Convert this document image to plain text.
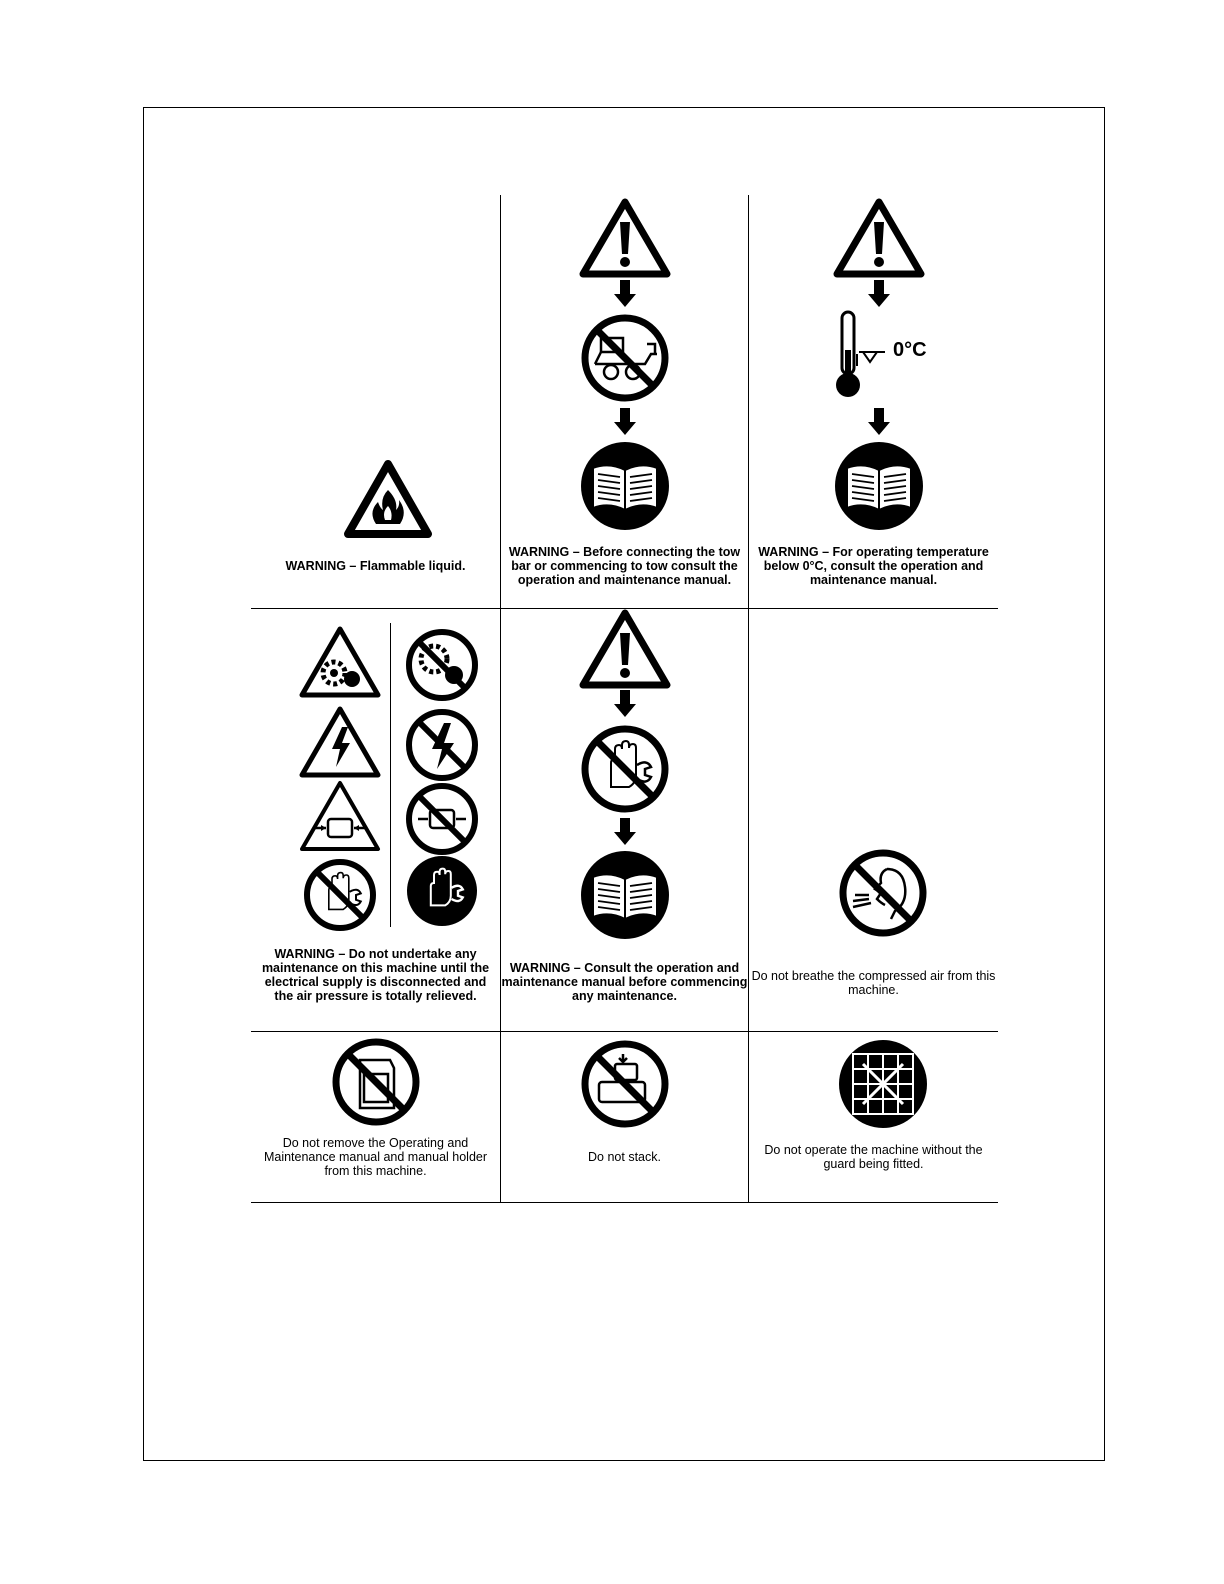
WARNING – Flammable liquid.
WARNING – Before connecting the tow bar or commencing to tow consult the operation and maintenance manual.
0°C
WARNING – For operating temperature below 0°C, consult the operation and maintenance manual.
WARNING – Do not undertake any maintenance on this machine until the electrical supply is disconnected and the air pressure is totally relieved.
WARNING – Consult the operation and maintenance manual before commencing any maintenance.
Do not breathe the compressed air from this machine.
Do not remove the Operating and Maintenance manual and manual holder from this machine.
Do not stack.	Do not operate the machine without the guard being fitted.
